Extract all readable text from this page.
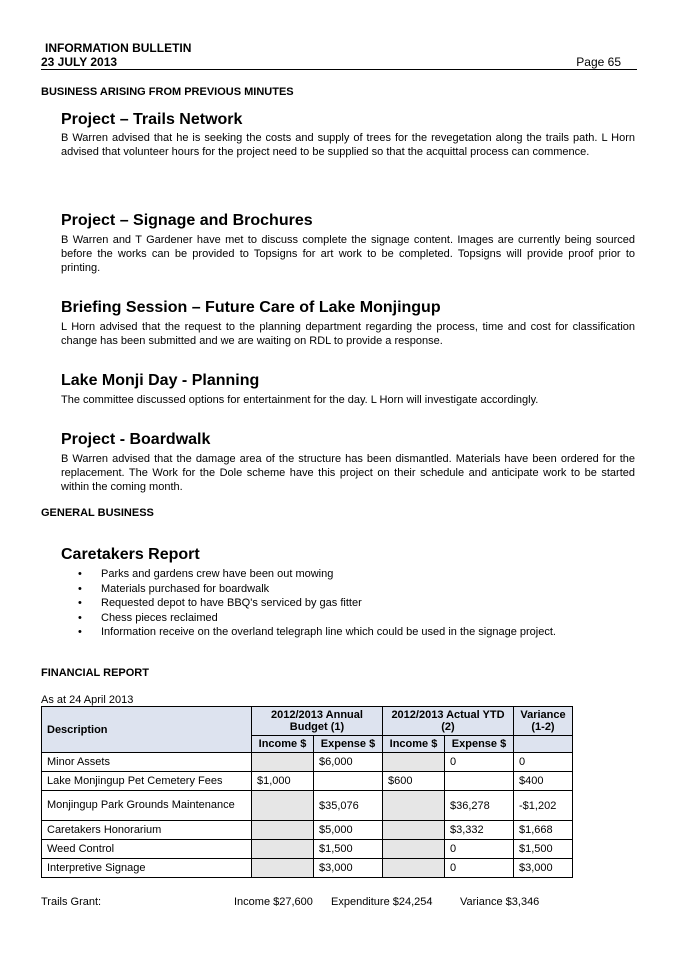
INFORMATION BULLETIN
23 JULY 2013	Page 65
BUSINESS ARISING FROM PREVIOUS MINUTES
Project – Trails Network
B Warren advised that he is seeking the costs and supply of trees for the revegetation along the trails path. L Horn advised that volunteer hours for the project need to be supplied so that the acquittal process can commence.
Project – Signage and Brochures
B Warren and T Gardener have met to discuss complete the signage content. Images are currently being sourced before the works can be provided to Topsigns for art work to be completed. Topsigns will provide proof prior to printing.
Briefing Session – Future Care of Lake Monjingup
L Horn advised that the request to the planning department regarding the process, time and cost for classification change has been submitted and we are waiting on RDL to provide a response.
Lake Monji Day - Planning
The committee discussed options for entertainment for the day. L Horn will investigate accordingly.
Project - Boardwalk
B Warren advised that the damage area of the structure has been dismantled. Materials have been ordered for the replacement. The Work for the Dole scheme have this project on their schedule and anticipate work to be started within the coming month.
GENERAL BUSINESS
Caretakers Report
• Parks and gardens crew have been out mowing
• Materials purchased for boardwalk
• Requested depot to have BBQ's serviced by gas fitter
• Chess pieces reclaimed
• Information receive on the overland telegraph line which could be used in the signage project.
FINANCIAL REPORT
As at 24 April 2013
Description	2012/2013 Annual Budget (1)		2012/2013 Actual YTD (2)		Variance (1-2)
	Income $	Expense $	Income $	Expense $	
Minor Assets		$6,000		0	0
Lake Monjingup Pet Cemetery Fees	$1,000		$600		$400
Monjingup Park Grounds Maintenance		$35,076		$36,278	-$1,202
Caretakers Honorarium		$5,000		$3,332	$1,668
Weed Control		$1,500		0	$1,500
Interpretive Signage		$3,000		0	$3,000
Trails Grant:	Income $27,600 Expenditure $24,254 Variance $3,346
